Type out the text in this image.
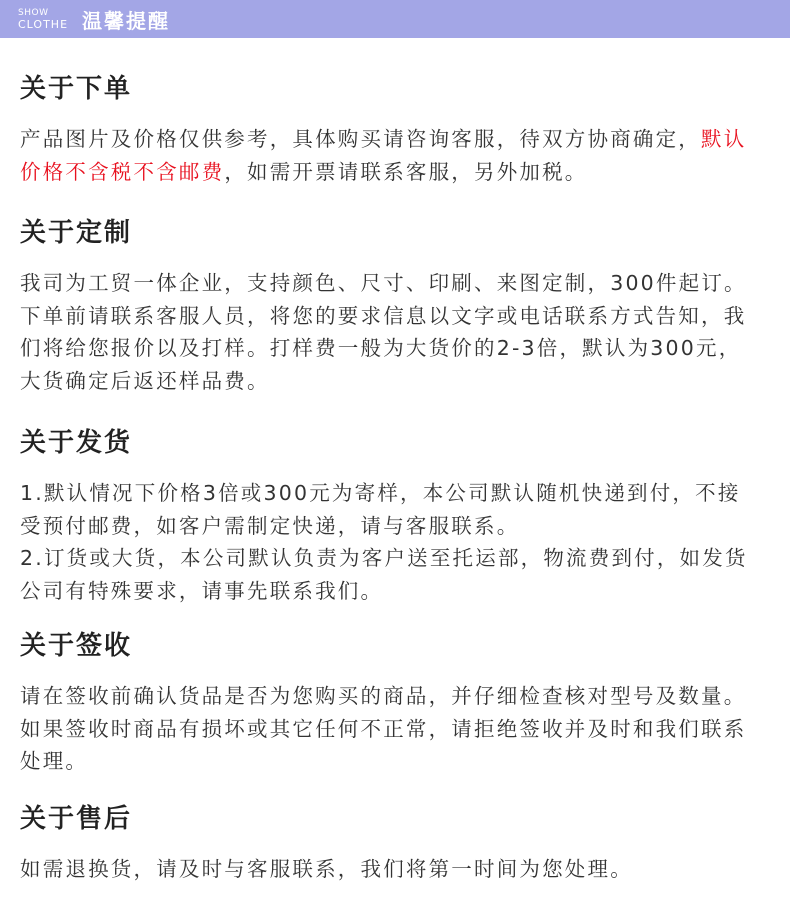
SHOW
CLOTHE 温馨提醒
关于下单

产品图片及价格仅供参考，具体购买请咨询客服，待双方协商确定，默认价格不含税不含邮费，如需开票请联系客服，另外加税。

关于定制

我司为工贸一体企业，支持颜色、尺寸、印刷、来图定制，300件起订。下单前请联系客服人员，将您的要求信息以文字或电话联系方式告知，我们将给您报价以及打样。打样费一般为大货价的2-3倍，默认为300元，大货确定后返还样品费。

关于发货

1.默认情况下价格3倍或300元为寄样，本公司默认随机快递到付，不接受预付邮费，如客户需制定快递，请与客服联系。

2.订货或大货，本公司默认负责为客户送至托运部，物流费到付，如发货公司有特殊要求，请事先联系我们。

关于签收

请在签收前确认货品是否为您购买的商品，并仔细检查核对型号及数量。如果签收时商品有损坏或其它任何不正常，请拒绝签收并及时和我们联系处理。

关于售后

如需退换货，请及时与客服联系，我们将第一时间为您处理。
